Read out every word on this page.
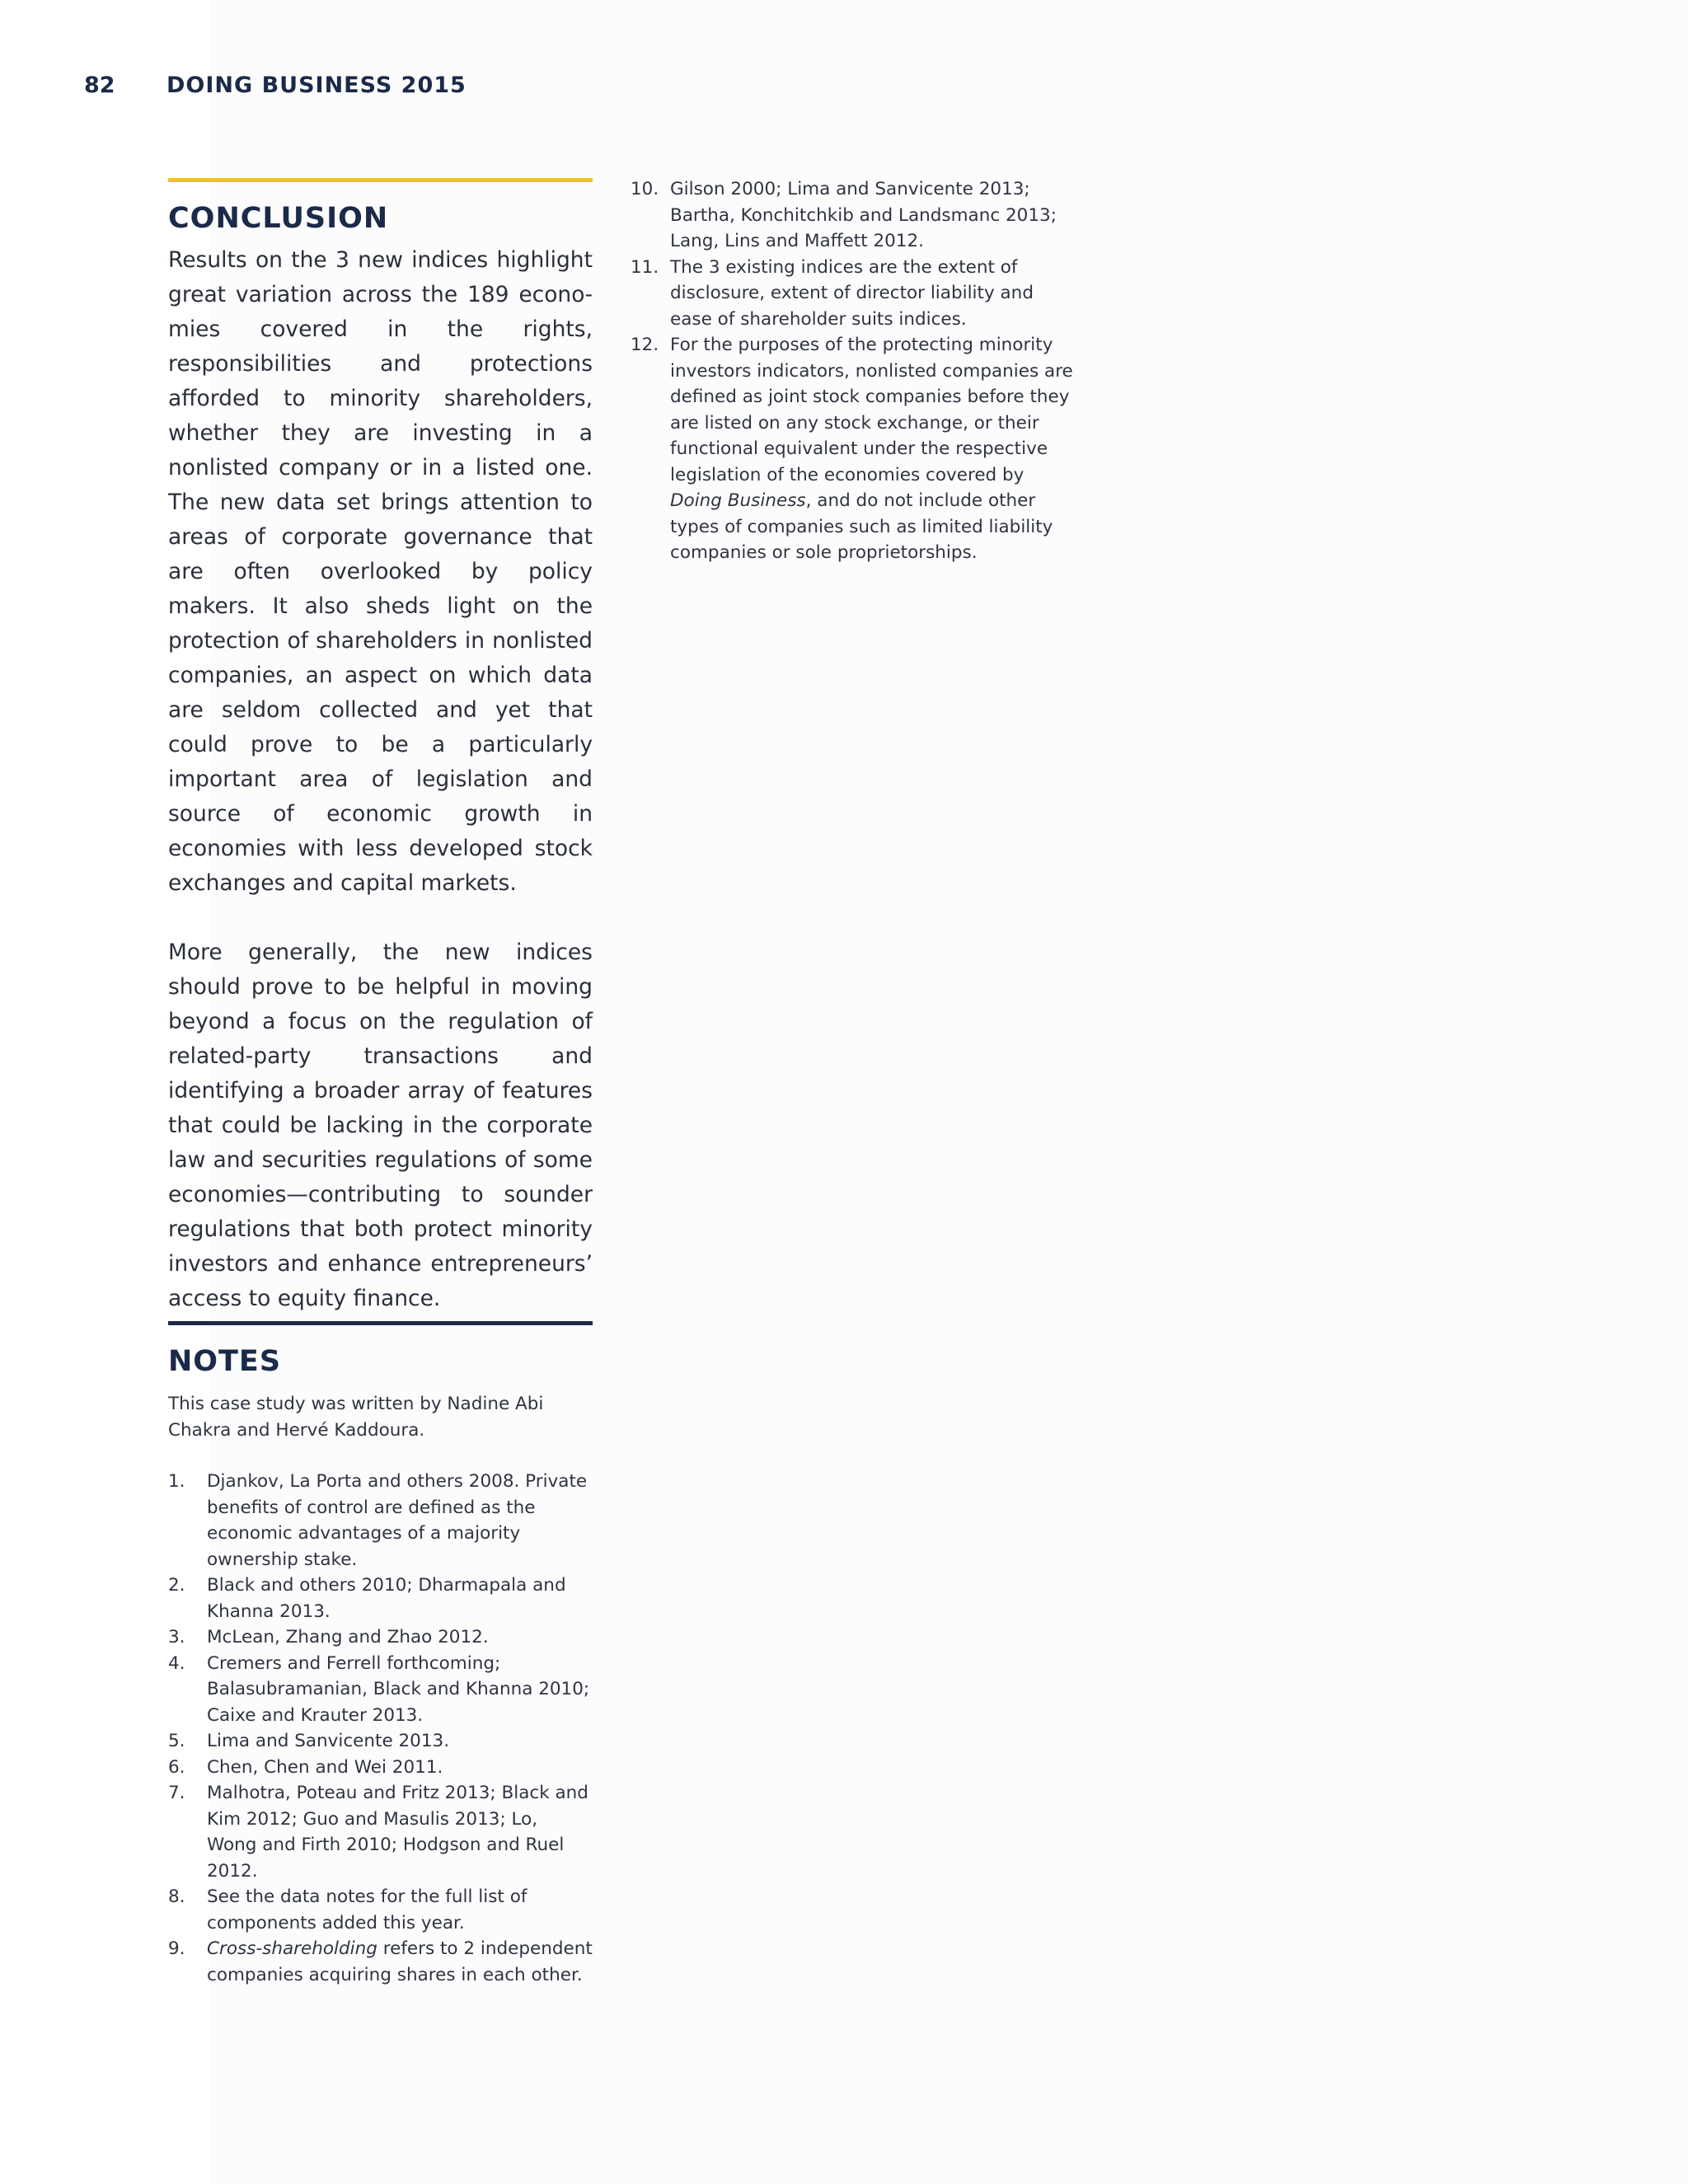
82 DOING BUSINESS 2015
CONCLUSION

Results on the 3 new indices highlight great variation across the 189 economies covered in the rights, responsibilities and protections afforded to minority shareholders, whether they are investing in a nonlisted company or in a listed one. The new data set brings attention to areas of corporate governance that are often overlooked by policy makers. It also sheds light on the protection of shareholders in nonlisted companies, an aspect on which data are seldom collected and yet that could prove to be a particularly important area of legislation and source of economic growth in economies with less developed stock exchanges and capital markets.

More generally, the new indices should prove to be helpful in moving beyond a focus on the regulation of related-party transactions and identifying a broader array of features that could be lacking in the corporate law and securities regulations of some economies—contributing to sounder regulations that both protect minority investors and enhance entrepreneurs’ access to equity finance.

NOTES

This case study was written by Nadine Abi Chakra and Hervé Kaddoura.

1. Djankov, La Porta and others 2008. Private benefits of control are defined as the economic advantages of a majority ownership stake.
2. Black and others 2010; Dharmapala and Khanna 2013.
3. McLean, Zhang and Zhao 2012.
4. Cremers and Ferrell forthcoming; Balasubramanian, Black and Khanna 2010; Caixe and Krauter 2013.
5. Lima and Sanvicente 2013.
6. Chen, Chen and Wei 2011.
7. Malhotra, Poteau and Fritz 2013; Black and Kim 2012; Guo and Masulis 2013; Lo, Wong and Firth 2010; Hodgson and Ruel 2012.
8. See the data notes for the full list of components added this year.
9. Cross-shareholding refers to 2 independent companies acquiring shares in each other.
10. Gilson 2000; Lima and Sanvicente 2013; Bartha, Konchitchkib and Landsmanc 2013; Lang, Lins and Maffett 2012.
11. The 3 existing indices are the extent of disclosure, extent of director liability and ease of shareholder suits indices.
12. For the purposes of the protecting minority investors indicators, nonlisted companies are defined as joint stock companies before they are listed on any stock exchange, or their functional equivalent under the respective legislation of the economies covered by Doing Business, and do not include other types of companies such as limited liability companies or sole proprietorships.
